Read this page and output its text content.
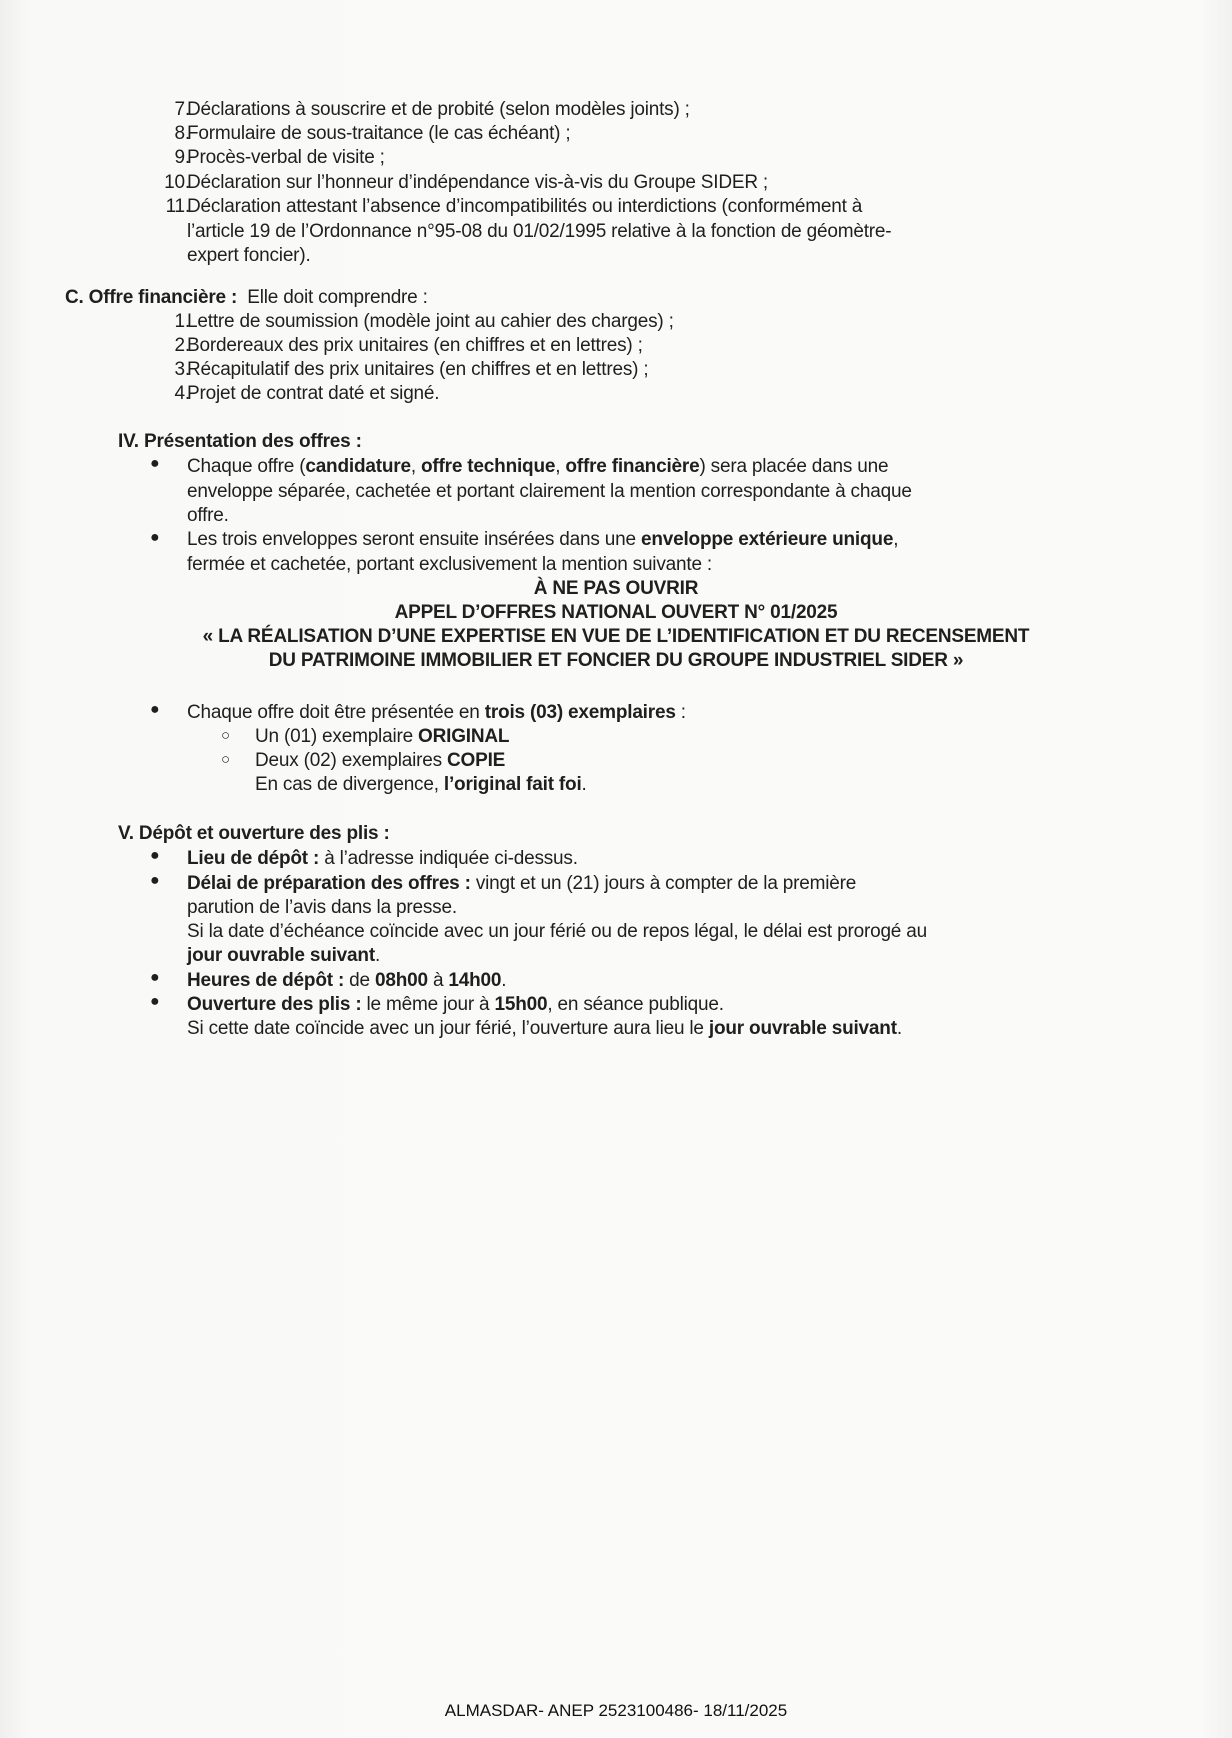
7.
Déclarations à souscrire et de probité (selon modèles joints) ;
8.
Formulaire de sous-traitance (le cas échéant) ;
9.
Procès-verbal de visite ;
10.
Déclaration sur l’honneur d’indépendance vis-à-vis du Groupe SIDER ;
11.
Déclaration attestant l’absence d’incompatibilités ou interdictions (conformément à
l’article 19 de l’Ordonnance n°95-08 du 01/02/1995 relative à la fonction de géomètre-
expert foncier).
C. Offre financière : Elle doit comprendre :
1.
Lettre de soumission (modèle joint au cahier des charges) ;
2.
Bordereaux des prix unitaires (en chiffres et en lettres) ;
3.
Récapitulatif des prix unitaires (en chiffres et en lettres) ;
4.
Projet de contrat daté et signé.
IV. Présentation des offres :
● Chaque offre (candidature, offre technique, offre financière) sera placée dans une
enveloppe séparée, cachetée et portant clairement la mention correspondante à chaque
offre.
● Les trois enveloppes seront ensuite insérées dans une enveloppe extérieure unique,
fermée et cachetée, portant exclusivement la mention suivante :
À NE PAS OUVRIR
APPEL D’OFFRES NATIONAL OUVERT N° 01/2025
« LA RÉALISATION D’UNE EXPERTISE EN VUE DE L’IDENTIFICATION ET DU RECENSEMENT
DU PATRIMOINE IMMOBILIER ET FONCIER DU GROUPE INDUSTRIEL SIDER »
● Chaque offre doit être présentée en trois (03) exemplaires :
○ Un (01) exemplaire ORIGINAL
○ Deux (02) exemplaires COPIE
En cas de divergence, l’original fait foi.
V. Dépôt et ouverture des plis :
● Lieu de dépôt : à l’adresse indiquée ci-dessus.
● Délai de préparation des offres : vingt et un (21) jours à compter de la première
parution de l’avis dans la presse.
Si la date d’échéance coïncide avec un jour férié ou de repos légal, le délai est prorogé au
jour ouvrable suivant.
● Heures de dépôt : de 08h00 à 14h00.
● Ouverture des plis : le même jour à 15h00, en séance publique.
Si cette date coïncide avec un jour férié, l’ouverture aura lieu le jour ouvrable suivant.
ALMASDAR- ANEP 2523100486- 18/11/2025
